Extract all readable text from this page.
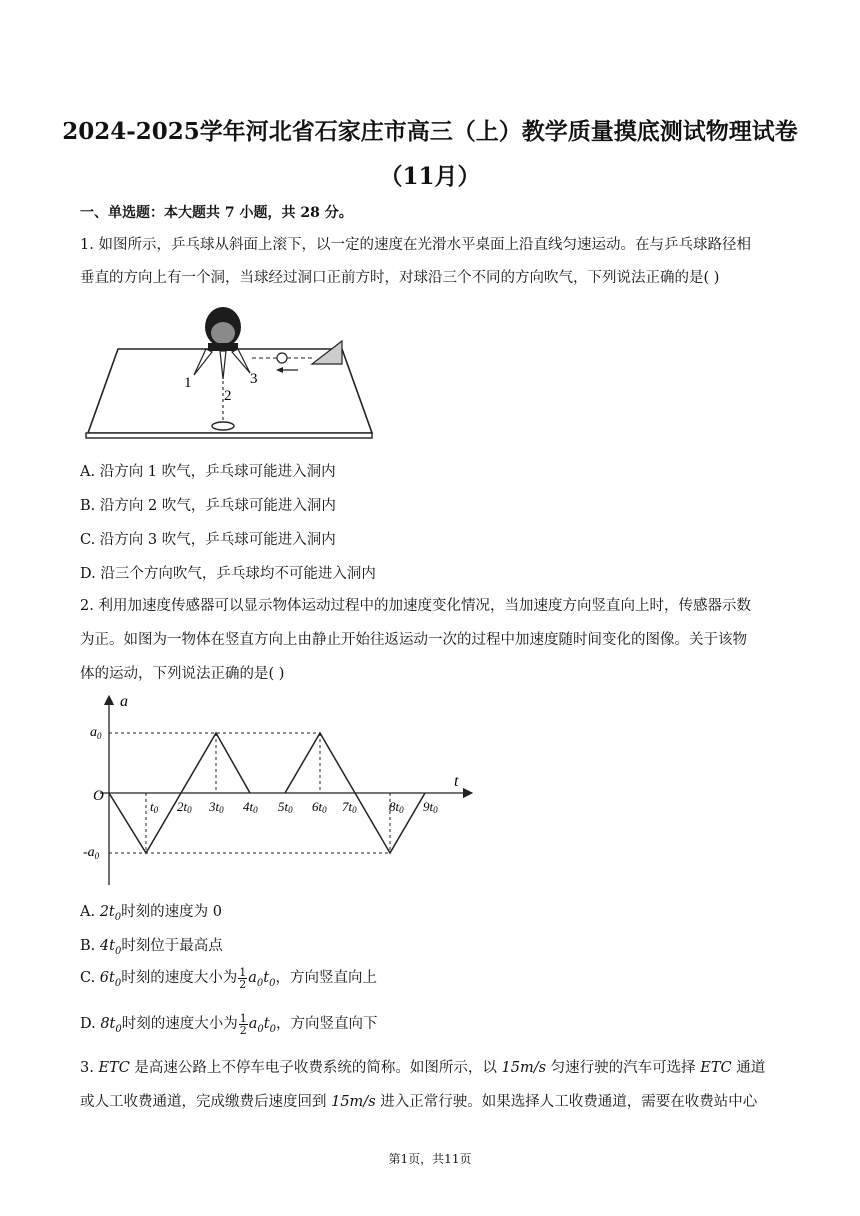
2024-2025学年河北省石家庄市高三（上）教学质量摸底测试物理试卷
（11月）
一、单选题：本大题共 7 小题，共 28 分。
1. 如图所示，乒乓球从斜面上滚下，以一定的速度在光滑水平桌面上沿直线匀速运动。在与乒乓球路径相
垂直的方向上有一个洞，当球经过洞口正前方时，对球沿三个不同的方向吹气，下列说法正确的是( )
1
2
3
A. 沿方向 1 吹气，乒乓球可能进入洞内
B. 沿方向 2 吹气，乒乓球可能进入洞内
C. 沿方向 3 吹气，乒乓球可能进入洞内
D. 沿三个方向吹气，乒乓球均不可能进入洞内
2. 利用加速度传感器可以显示物体运动过程中的加速度变化情况，当加速度方向竖直向上时，传感器示数
为正。如图为一物体在竖直方向上由静止开始往返运动一次的过程中加速度随时间变化的图像。关于该物
体的运动，下列说法正确的是( )
a
t
O
$a_0$
$-a_0$
t0 2t0 3t0 4t0 5t0 6t0 7t0 8t0 9t0
A. $2t_0$时刻的速度为 0
B. $4t_0$时刻位于最高点
C. $6t_0$时刻的速度大小为 $\frac{1}{2} a_0t_0$，方向竖直向上
D. $8t_0$时刻的速度大小为 $\frac{1}{2} a_0t_0$，方向竖直向下
3. ETC 是高速公路上不停车电子收费系统的简称。如图所示，以 15m/s 匀速行驶的汽车可选择 ETC 通道
或人工收费通道，完成缴费后速度回到 15m/s 进入正常行驶。如果选择人工收费通道，需要在收费站中心
第1页，共11页
